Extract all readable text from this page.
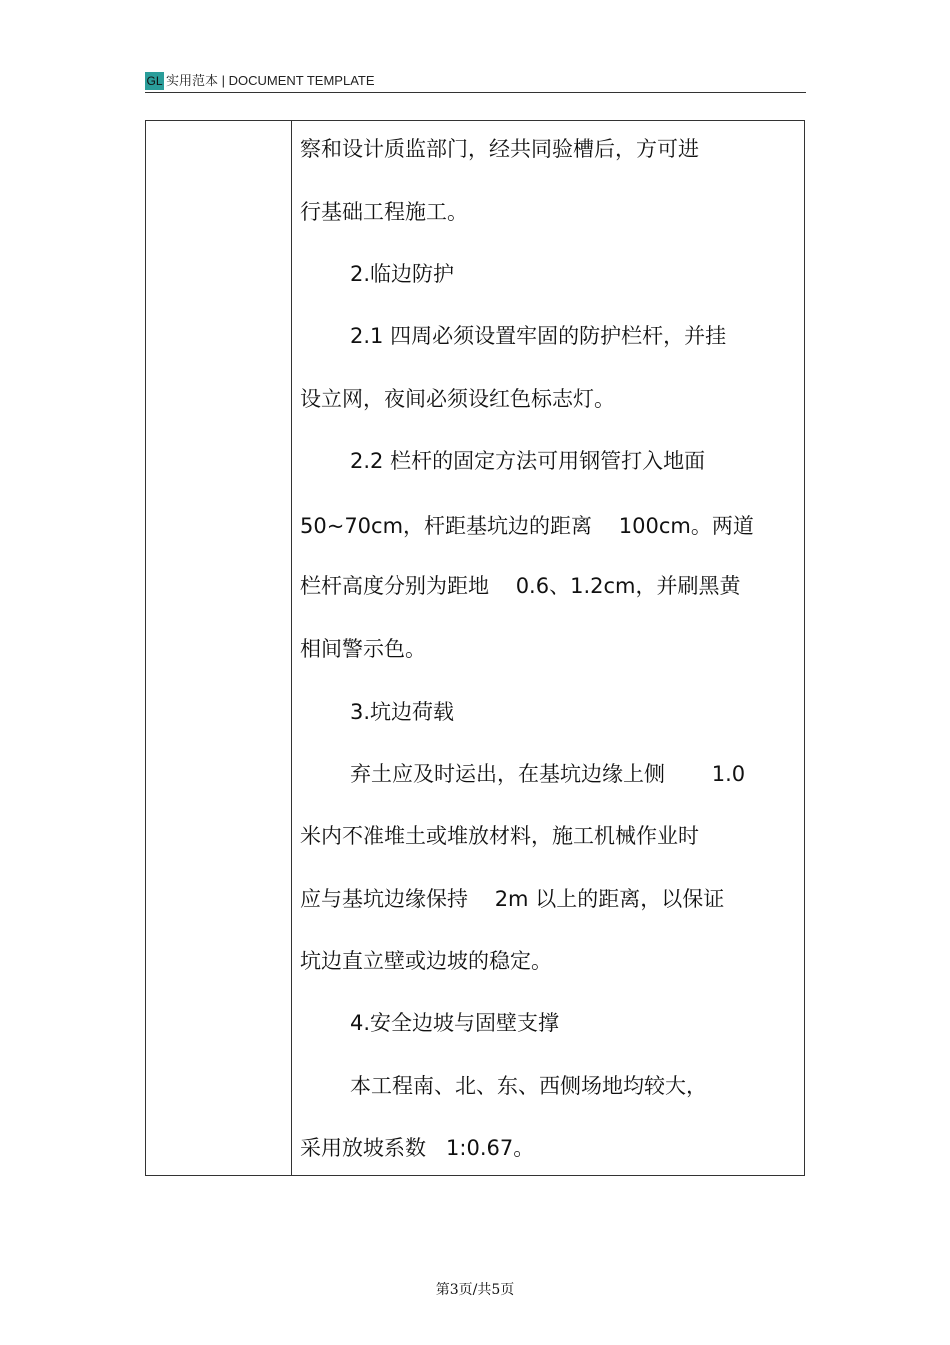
GL 实用范本 | DOCUMENT TEMPLATE
察和设计质监部门，经共同验槽后，方可进
行基础工程施工。
2.临边防护
2.1 四周必须设置牢固的防护栏杆，并挂
设立网，夜间必须设红色标志灯。
2.2 栏杆的固定方法可用钢管打入地面
50~70cm，杆距基坑边的距离    100cm。两道
栏杆高度分别为距地    0.6、1.2cm，并刷黑黄
相间警示色。
3.坑边荷载
弃土应及时运出，在基坑边缘上侧       1.0
米内不准堆土或堆放材料，施工机械作业时
应与基坑边缘保持    2m 以上的距离，以保证
坑边直立壁或边坡的稳定。
4.安全边坡与固壁支撑
本工程南、北、东、西侧场地均较大，
采用放坡系数   1:0.67。
第3页/共5页
